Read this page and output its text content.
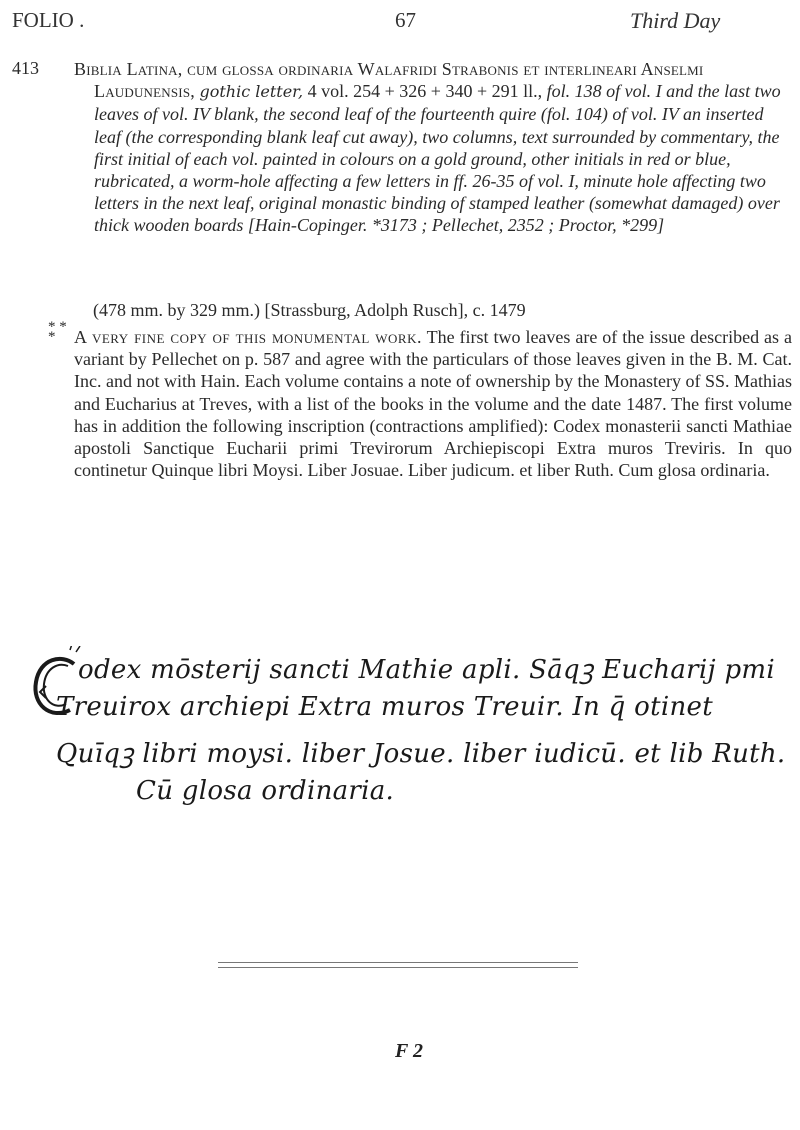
FOLIO .	67	Third Day
413 Biblia Latina, cum glossa ordinaria Walafridi Strabonis et interlineari Anselmi Laudunensis, gothic letter, 4 vol. 254 + 326 + 340 + 291 ll., fol. 138 of vol. I and the last two leaves of vol. IV blank, the second leaf of the fourteenth quire (fol. 104) of vol. IV an inserted leaf (the corresponding blank leaf cut away), two columns, text surrounded by commentary, the first initial of each vol. painted in colours on a gold ground, other initials in red or blue, rubricated, a worm-hole affecting a few letters in ff. 26-35 of vol. I, minute hole affecting two letters in the next leaf, original monastic binding of stamped leather (somewhat damaged) over thick wooden boards [Hain-Copinger. *3173 ; Pellechet, 2352 ; Proctor, *299]

(478 mm. by 329 mm.) [Strassburg, Adolph Rusch], c. 1479
* *
*	A very fine copy of this monumental work. The first two leaves are of the issue described as a variant by Pellechet on p. 587 and agree with the particulars of those leaves given in the B. M. Cat. Inc. and not with Hain. Each volume contains a note of ownership by the Monastery of SS. Mathias and Eucharius at Treves, with a list of the books in the volume and the date 1487. The first volume has in addition the following inscription (contractions amplified): Codex monasterii sancti Mathiae apostoli Sanctique Eucharii primi Trevirorum Archiepiscopi Extra muros Treviris. In quo continetur Quinque libri Moysi. Liber Josuae. Liber judicum. et liber Ruth. Cum glosa ordinaria.
odex mōsterij sancti Mathie apli. Sāqꝫ Eucharij pmi
Treuirox archiepi Extra muros Treuir. In q̄ otinet
Quīqꝫ libri moysi. liber Josue. liber iudicū. et lib Ruth.
Cū glosa ordinaria.
F 2
